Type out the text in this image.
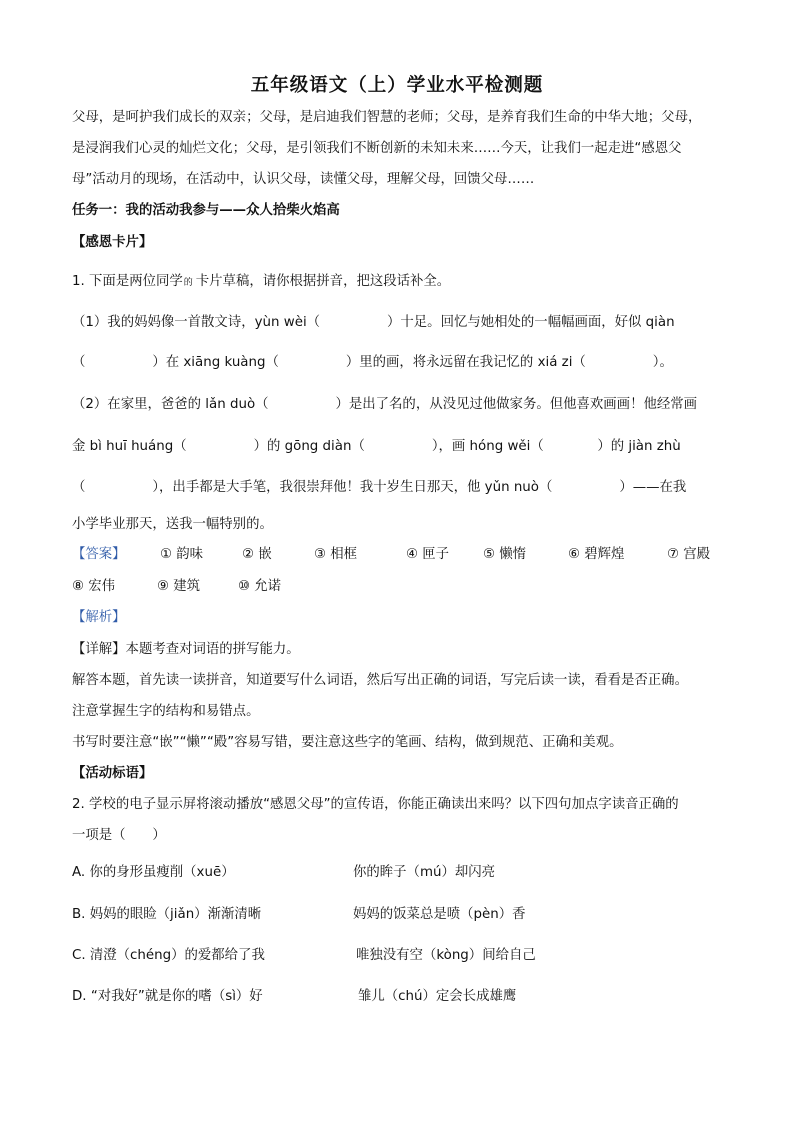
五年级语文（上）学业水平检测题
父母，是呵护我们成长的双亲；父母，是启迪我们智慧的老师；父母，是养育我们生命的中华大地；父母，
是浸润我们心灵的灿烂文化；父母，是引领我们不断创新的未知未来……今天，让我们一起走进“感恩父
母”活动月的现场，在活动中，认识父母，读懂父母，理解父母，回馈父母……
任务一：我的活动我参与——众人拾柴火焰高
【感恩卡片】
1. 下面是两位同学 的 卡片草稿，请你根据拼音，把这段话补全。
（1）我的妈妈像一首散文诗，yùn wèi（　　　　　）十足。回忆与她相处的一幅幅画面，好似 qiàn
（　　　　　）在 xiāng kuàng（　　　　　）里的画，将永远留在我记忆的 xiá zi（　　　　　）。
（2）在家里，爸爸的 lǎn duò（　　　　　）是出了名的，从没见过他做家务。但他喜欢画画！他经常画
金 bì huī huáng（　　　　　）的 gōng diàn（　　　　　），画 hóng wěi（　　　　）的 jiàn zhù
（　　　　　），出手都是大手笔，我很崇拜他！我十岁生日那天，他 yǔn nuò（　　　　　）——在我
小学毕业那天，送我一幅特别的。
【答案】	① 韵味	② 嵌	③ 相框	④ 匣子	⑤ 懒惰	⑥ 碧辉煌	⑦ 宫殿
⑧ 宏伟	⑨ 建筑	⑩ 允诺
【解析】
【详解】本题考查对词语的拼写能力。
解答本题，首先读一读拼音，知道要写什么词语，然后写出正确的词语，写完后读一读，看看是否正确。
注意掌握生字的结构和易错点。
书写时要注意“嵌”“懒”“殿”容易写错，要注意这些字的笔画、结构，做到规范、正确和美观。
【活动标语】
2. 学校的电子显示屏将滚动播放“感恩父母”的宣传语，你能正确读出来吗？以下四句加点字读音正确的
一项是（　　）
A. 你的身形虽瘦削（xuē）	你的眸子（mú）却闪亮
B. 妈妈的眼睑（jiǎn）渐渐清晰	妈妈的饭菜总是喷（pèn）香
C. 清澄（chéng）的爱都给了我	唯独没有空（kòng）间给自己
D. “对我好”就是你的嗜（sì）好	雏儿（chú）定会长成雄鹰
